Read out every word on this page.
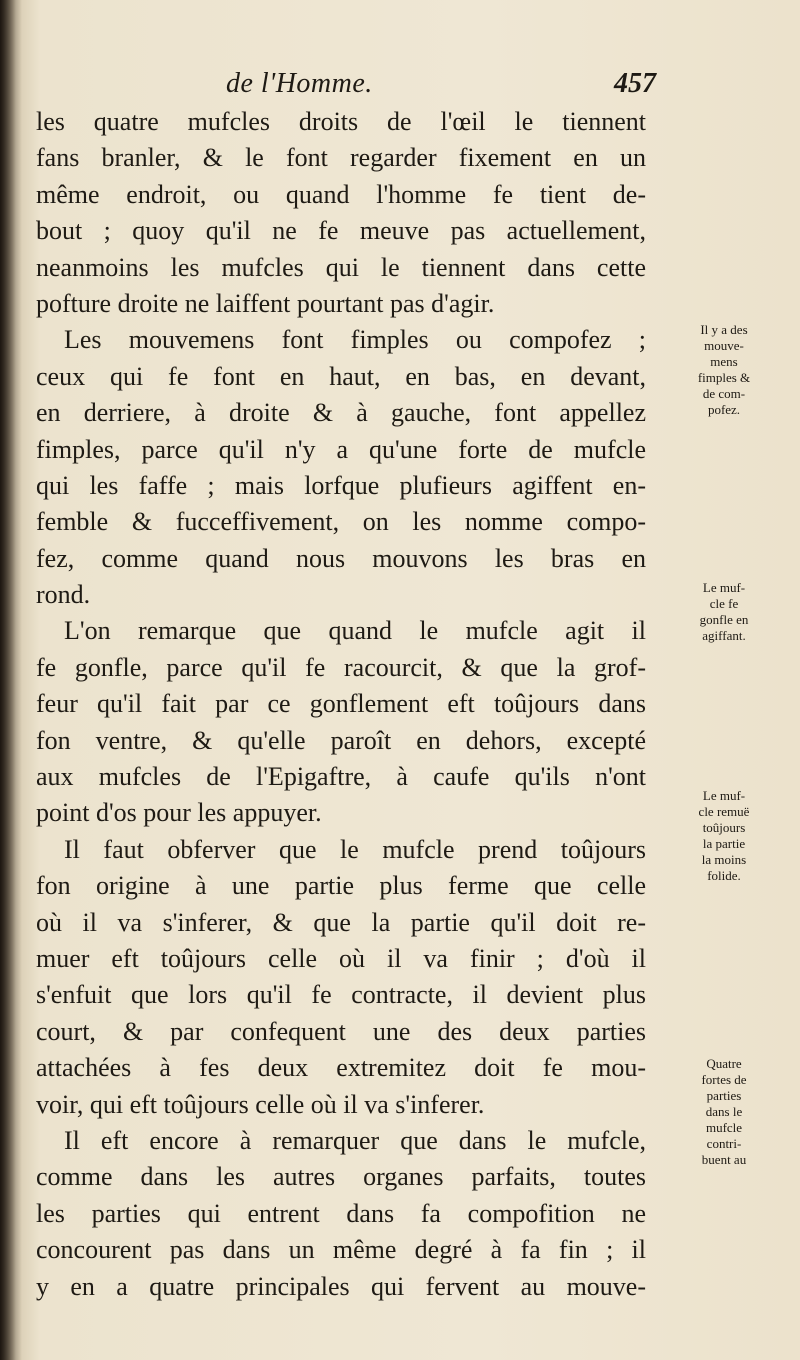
de l'Homme.	457
les quatre mufcles droits de l'œil le tiennent
fans branler, & le font regarder fixement en un
même endroit, ou quand l'homme fe tient de-
bout ; quoy qu'il ne fe meuve pas actuellement,
neanmoins les mufcles qui le tiennent dans cette
pofture droite ne laiffent pourtant pas d'agir.
Les mouvemens font fimples ou compofez ;
ceux qui fe font en haut, en bas, en devant,
en derriere, à droite & à gauche, font appellez
fimples, parce qu'il n'y a qu'une forte de mufcle
qui les faffe ; mais lorfque plufieurs agiffent en-
femble & fucceffivement, on les nomme compo-
fez, comme quand nous mouvons les bras en
rond.
L'on remarque que quand le mufcle agit il
fe gonfle, parce qu'il fe racourcit, & que la grof-
feur qu'il fait par ce gonflement eft toûjours dans
fon ventre, & qu'elle paroît en dehors, excepté
aux mufcles de l'Epigaftre, à caufe qu'ils n'ont
point d'os pour les appuyer.
Il faut obferver que le mufcle prend toûjours
fon origine à une partie plus ferme que celle
où il va s'inferer, & que la partie qu'il doit re-
muer eft toûjours celle où il va finir ; d'où il
s'enfuit que lors qu'il fe contracte, il devient plus
court, & par confequent une des deux parties
attachées à fes deux extremitez doit fe mou-
voir, qui eft toûjours celle où il va s'inferer.
Il eft encore à remarquer que dans le mufcle,
comme dans les autres organes parfaits, toutes
les parties qui entrent dans fa compofition ne
concourent pas dans un même degré à fa fin ; il
y en a quatre principales qui fervent au mouve-
Il y a des
mouve-
mens
fimples &
de com-
pofez.
Le muf-
cle fe
gonfle en
agiffant.
Le muf-
cle remuë
toûjours
la partie
la moins
folide.
Quatre
fortes de
parties
dans le
mufcle
contri-
buent au
